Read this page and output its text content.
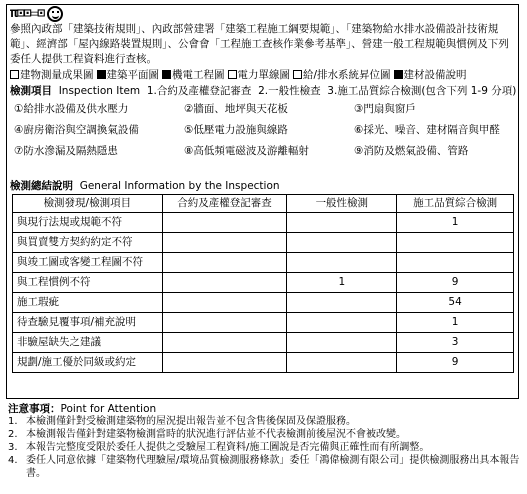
π⊡⊡▭⊡
參照內政部「建築技術規則」、內政部營建署「建築工程施工綱要規範」、「建築物給水排水設備設計技術規範」、經濟部「屋內線路裝置規則」、公會會「工程施工查核作業參考基準」、營建一般工程規範與慣例及下列委任人提供工程資料進行查核。
建物測量成果圖	建築平面圖	機電工程圖	電力單線圖	給/排水系統昇位圖	建材設備說明
檢測項目 Inspection Item 1.合約及產權登記審查 2.一般性檢查 3.施工品質綜合檢測(包含下列 1-9 分項)
①給排水設備及供水壓力	②牆面、地坪與天花板	③門扇與窗戶
④廚房衛浴與空調換氣設備	⑤低壓電力設施與線路	⑥採光、噪音、建材隔音與甲醛
⑦防水滲漏及隔熱隱患	⑧高低頻電磁波及游離輻射	⑨消防及燃氣設備、管路
檢測總結說明 General Information by the Inspection
檢測發現/檢測項目	合約及產權登記審查	一般性檢測	施工品質綜合檢測
與現行法規或規範不符			1
與買賣雙方契約約定不符			
與竣工圖或客變工程圖不符			
與工程慣例不符		1	9
施工瑕疵			54
待查驗見覆事項/補充說明			1
非驗屋缺失之建議			3
規劃/施工優於同級或約定			9
注意事項：Point for Attention
1. 本檢測僅針對受檢測建築物的屋況提出報告並不包含售後保固及保證服務。
2. 本檢測報告僅針對建築物檢測當時的狀況進行評估並不代表檢測前後屋況不會被改變。
3. 本報告完整度受限於委任人提供之受驗屋工程資料/施工圖說是否完備與正確性而有所調整。
4. 委任人同意依據「建築物代理驗屋/環境品質檢測服務條款」委任「鴻偉檢測有限公司」提供檢測服務出具本報告書。
